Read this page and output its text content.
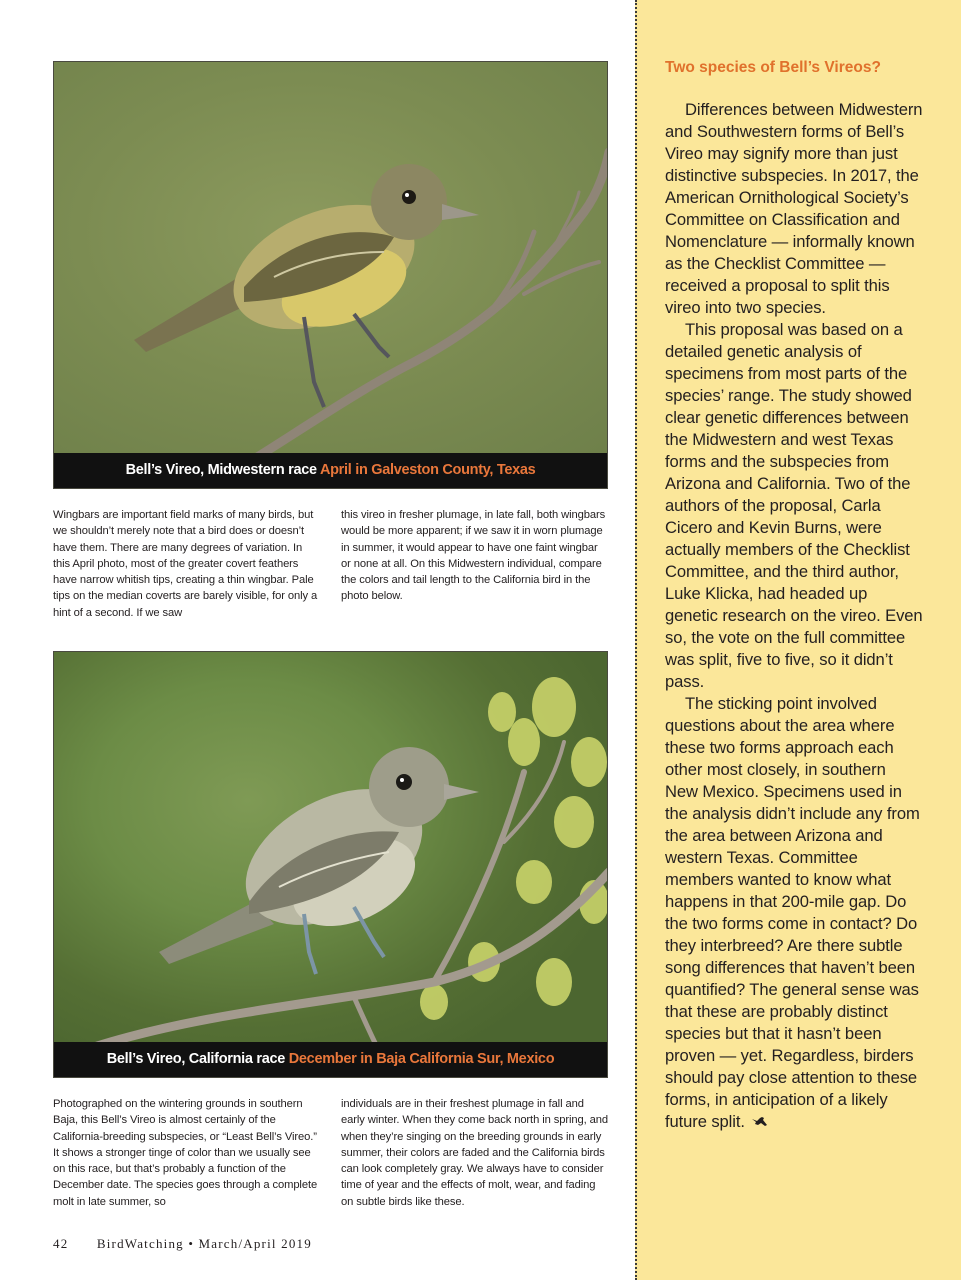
Bell’s Vireo, Midwestern race April in Galveston County, Texas
Wingbars are important field marks of many birds, but we shouldn’t merely note that a bird does or doesn’t have them. There are many degrees of variation. In this April photo, most of the greater covert feathers have narrow whitish tips, creating a thin wingbar. Pale tips on the median coverts are barely visible, for only a hint of a second. If we saw
this vireo in fresher plumage, in late fall, both wingbars would be more apparent; if we saw it in worn plumage in summer, it would appear to have one faint wingbar or none at all. On this Midwestern individual, compare the colors and tail length to the California bird in the photo below.
Bell’s Vireo, California race December in Baja California Sur, Mexico
Photographed on the wintering grounds in southern Baja, this Bell’s Vireo is almost certainly of the California-breeding subspecies, or “Least Bell’s Vireo.” It shows a stronger tinge of color than we usually see on this race, but that’s probably a function of the December date. The species goes through a complete molt in late summer, so
individuals are in their freshest plumage in fall and early winter. When they come back north in spring, and when they’re singing on the breeding grounds in early summer, their colors are faded and the California birds can look completely gray. We always have to consider time of year and the effects of molt, wear, and fading on subtle birds like these.
42 BirdWatching • March/April 2019
Two species of Bell’s Vireos?

Differences between Midwestern and Southwestern forms of Bell’s Vireo may signify more than just distinctive subspecies. In 2017, the American Ornithological Society’s Committee on Classification and Nomenclature — informally known as the Checklist Committee — received a proposal to split this vireo into two species.

This proposal was based on a detailed genetic analysis of specimens from most parts of the species’ range. The study showed clear genetic differences between the Midwestern and west Texas forms and the subspecies from Arizona and California. Two of the authors of the proposal, Carla Cicero and Kevin Burns, were actually members of the Checklist Committee, and the third author, Luke Klicka, had headed up genetic research on the vireo. Even so, the vote on the full committee was split, five to five, so it didn’t pass.

The sticking point involved questions about the area where these two forms approach each other most closely, in southern New Mexico. Specimens used in the analysis didn’t include any from the area between Arizona and western Texas. Committee members wanted to know what happens in that 200-mile gap. Do the two forms come in contact? Do they interbreed? Are there subtle song differences that haven’t been quantified? The general sense was that these are probably distinct species but that it hasn’t been proven — yet. Regardless, birders should pay close attention to these forms, in anticipation of a likely future split.
